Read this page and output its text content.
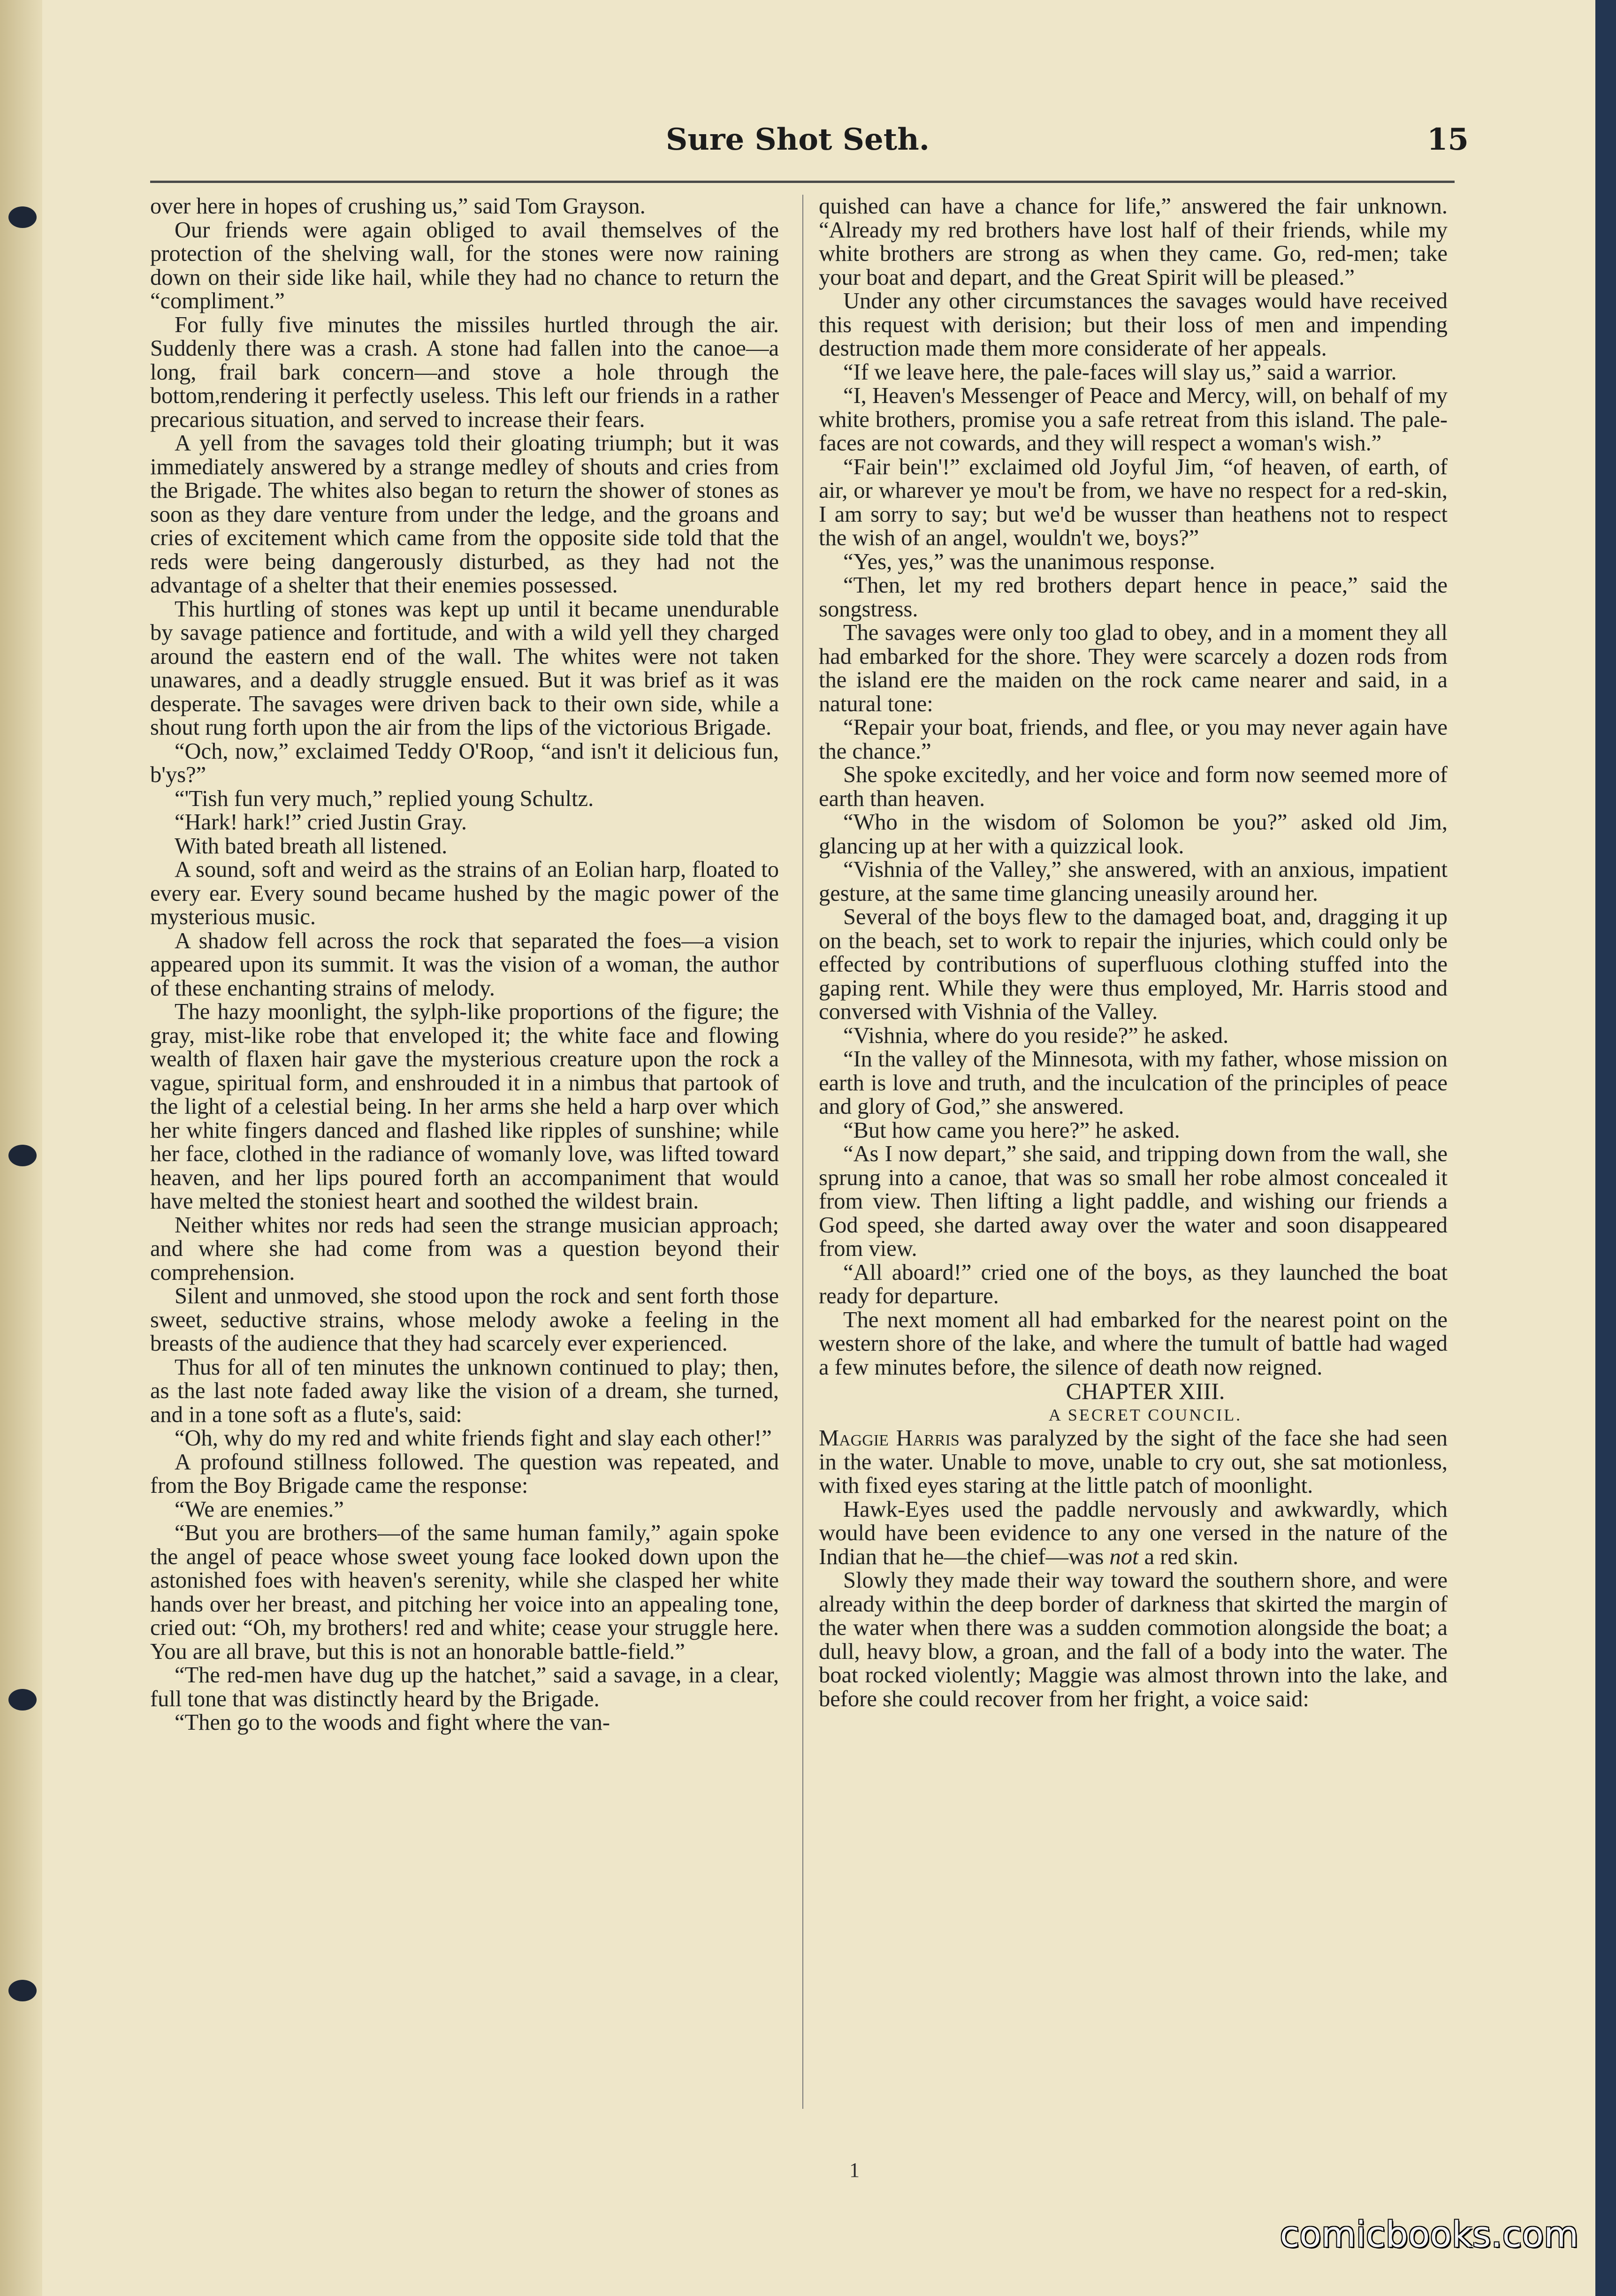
Sure Shot Seth.	15

over here in hopes of crushing us,” said Tom Grayson.

Our friends were again obliged to avail themselves of the protection of the shelving wall, for the stones were now raining down on their side like hail, while they had no chance to return the “compliment.”

For fully five minutes the missiles hurtled through the air. Suddenly there was a crash. A stone had fallen into the canoe—a long, frail bark concern—and stove a hole through the bottom,rendering it perfectly useless. This left our friends in a rather precarious situation, and served to increase their fears.

A yell from the savages told their gloating triumph; but it was immediately answered by a strange medley of shouts and cries from the Brigade. The whites also began to return the shower of stones as soon as they dare venture from under the ledge, and the groans and cries of excitement which came from the opposite side told that the reds were being dangerously disturbed, as they had not the advantage of a shelter that their enemies possessed.

This hurtling of stones was kept up until it became unendurable by savage patience and fortitude, and with a wild yell they charged around the eastern end of the wall. The whites were not taken unawares, and a deadly struggle ensued. But it was brief as it was desperate. The savages were driven back to their own side, while a shout rung forth upon the air from the lips of the victorious Brigade.

“Och, now,” exclaimed Teddy O'Roop, “and isn't it delicious fun, b'ys?”

“'Tish fun very much,” replied young Schultz.

“Hark! hark!” cried Justin Gray.

With bated breath all listened.

A sound, soft and weird as the strains of an Eolian harp, floated to every ear. Every sound became hushed by the magic power of the mysterious music.

A shadow fell across the rock that separated the foes—a vision appeared upon its summit. It was the vision of a woman, the author of these enchanting strains of melody.

The hazy moonlight, the sylph-like proportions of the figure; the gray, mist-like robe that enveloped it; the white face and flowing wealth of flaxen hair gave the mysterious creature upon the rock a vague, spiritual form, and enshrouded it in a nimbus that partook of the light of a celestial being. In her arms she held a harp over which her white fingers danced and flashed like ripples of sunshine; while her face, clothed in the radiance of womanly love, was lifted toward heaven, and her lips poured forth an accompaniment that would have melted the stoniest heart and soothed the wildest brain.

Neither whites nor reds had seen the strange musician approach; and where she had come from was a question beyond their comprehension.

Silent and unmoved, she stood upon the rock and sent forth those sweet, seductive strains, whose melody awoke a feeling in the breasts of the audience that they had scarcely ever experienced.

Thus for all of ten minutes the unknown continued to play; then, as the last note faded away like the vision of a dream, she turned, and in a tone soft as a flute's, said:

“Oh, why do my red and white friends fight and slay each other!”

A profound stillness followed. The question was repeated, and from the Boy Brigade came the response:

“We are enemies.”

“But you are brothers—of the same human family,” again spoke the angel of peace whose sweet young face looked down upon the astonished foes with heaven's serenity, while she clasped her white hands over her breast, and pitching her voice into an appealing tone, cried out: “Oh, my brothers! red and white; cease your struggle here. You are all brave, but this is not an honorable battle-field.”

“The red-men have dug up the hatchet,” said a savage, in a clear, full tone that was distinctly heard by the Brigade.

“Then go to the woods and fight where the van-

quished can have a chance for life,” answered the fair unknown. “Already my red brothers have lost half of their friends, while my white brothers are strong as when they came. Go, red-men; take your boat and depart, and the Great Spirit will be pleased.”

Under any other circumstances the savages would have received this request with derision; but their loss of men and impending destruction made them more considerate of her appeals.

“If we leave here, the pale-faces will slay us,” said a warrior.

“I, Heaven's Messenger of Peace and Mercy, will, on behalf of my white brothers, promise you a safe retreat from this island. The pale-faces are not cowards, and they will respect a woman's wish.”

“Fair bein'!” exclaimed old Joyful Jim, “of heaven, of earth, of air, or wharever ye mou't be from, we have no respect for a red-skin, I am sorry to say; but we'd be wusser than heathens not to respect the wish of an angel, wouldn't we, boys?”

“Yes, yes,” was the unanimous response.

“Then, let my red brothers depart hence in peace,” said the songstress.

The savages were only too glad to obey, and in a moment they all had embarked for the shore. They were scarcely a dozen rods from the island ere the maiden on the rock came nearer and said, in a natural tone:

“Repair your boat, friends, and flee, or you may never again have the chance.”

She spoke excitedly, and her voice and form now seemed more of earth than heaven.

“Who in the wisdom of Solomon be you?” asked old Jim, glancing up at her with a quizzical look.

“Vishnia of the Valley,” she answered, with an anxious, impatient gesture, at the same time glancing uneasily around her.

Several of the boys flew to the damaged boat, and, dragging it up on the beach, set to work to repair the injuries, which could only be effected by contributions of superfluous clothing stuffed into the gaping rent. While they were thus employed, Mr. Harris stood and conversed with Vishnia of the Valley.

“Vishnia, where do you reside?” he asked.

“In the valley of the Minnesota, with my father, whose mission on earth is love and truth, and the inculcation of the principles of peace and glory of God,” she answered.

“But how came you here?” he asked.

“As I now depart,” she said, and tripping down from the wall, she sprung into a canoe, that was so small her robe almost concealed it from view. Then lifting a light paddle, and wishing our friends a God speed, she darted away over the water and soon disappeared from view.

“All aboard!” cried one of the boys, as they launched the boat ready for departure.

The next moment all had embarked for the nearest point on the western shore of the lake, and where the tumult of battle had waged a few minutes before, the silence of death now reigned.

CHAPTER XIII.

A SECRET COUNCIL.

Maggie Harris was paralyzed by the sight of the face she had seen in the water. Unable to move, unable to cry out, she sat motionless, with fixed eyes staring at the little patch of moonlight.

Hawk-Eyes used the paddle nervously and awkwardly, which would have been evidence to any one versed in the nature of the Indian that he—the chief—was not a red skin.

Slowly they made their way toward the southern shore, and were already within the deep border of darkness that skirted the margin of the water when there was a sudden commotion alongside the boat; a dull, heavy blow, a groan, and the fall of a body into the water. The boat rocked violently; Maggie was almost thrown into the lake, and before she could recover from her fright, a voice said:

1
comicbooks.com
